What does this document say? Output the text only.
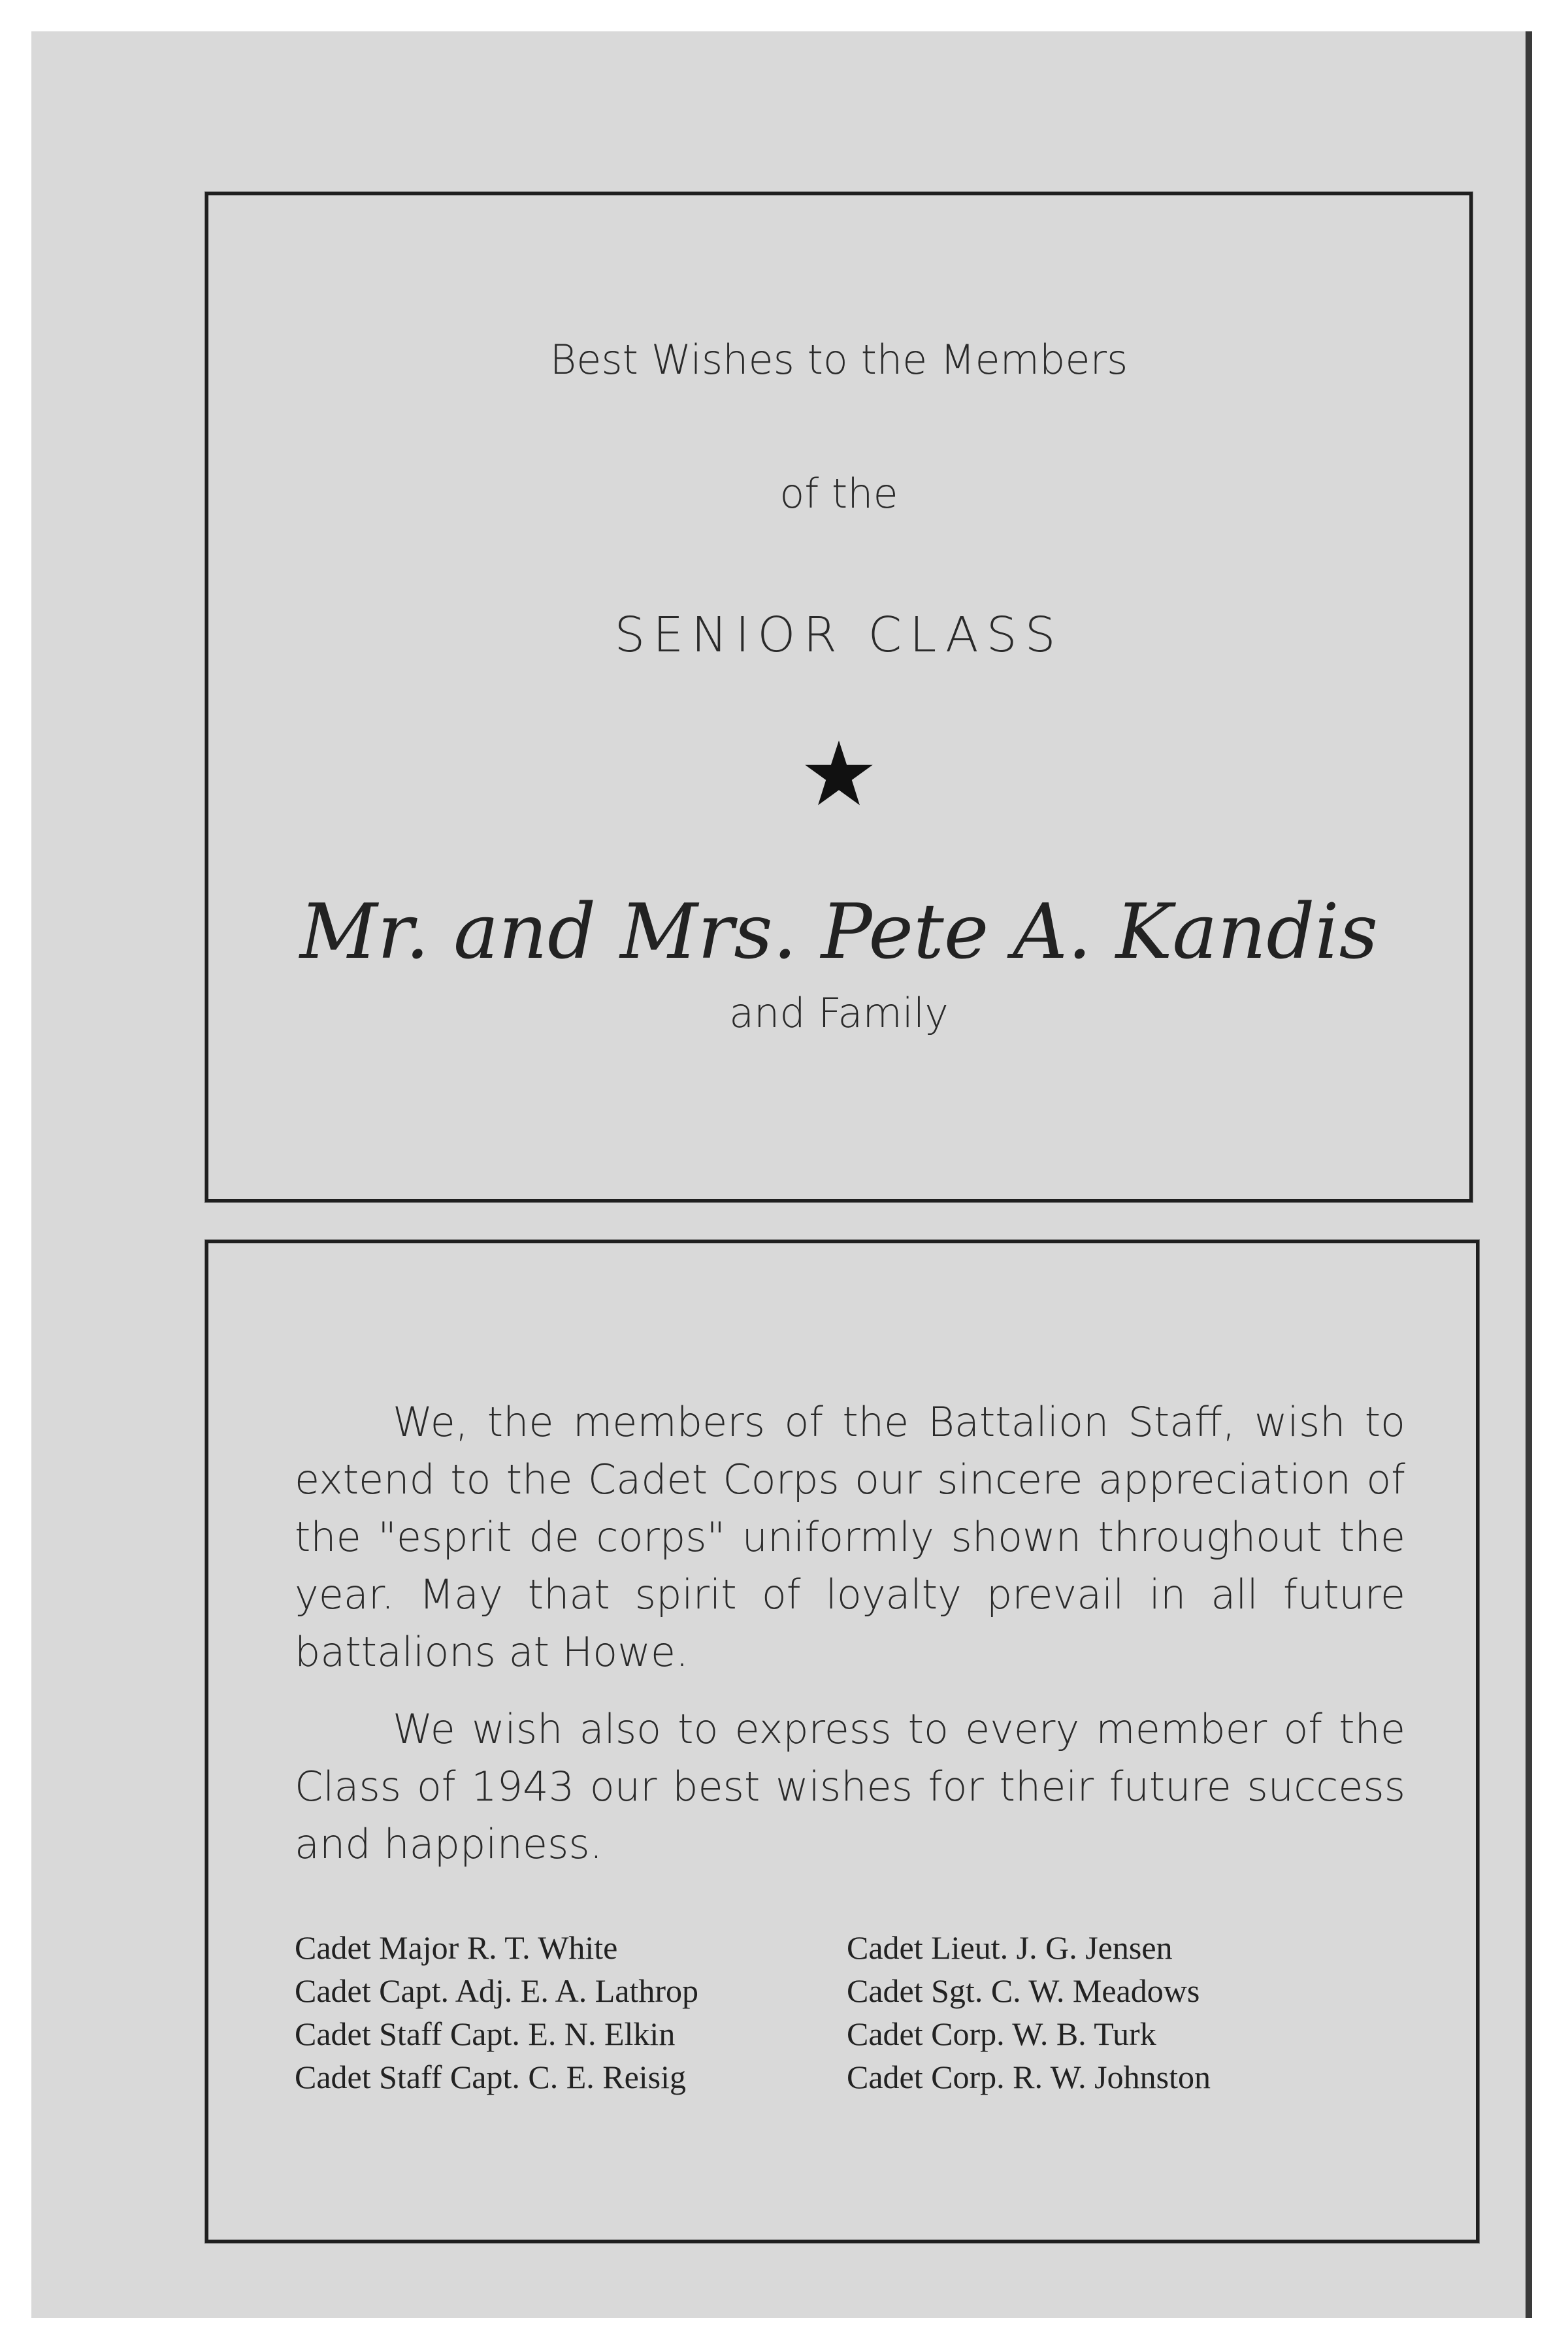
Best Wishes to the Members
of the
SENIOR CLASS
Mr. and Mrs. Pete A. Kandis
and Family

We, the members of the Battalion Staff, wish to extend to the Cadet Corps our sincere appreciation of the "esprit de corps" uniformly shown throughout the year. May that spirit of loyalty prevail in all future battalions at Howe.

We wish also to express to every member of the Class of 1943 our best wishes for their future success and happiness.

Cadet Major R. T. White
Cadet Capt. Adj. E. A. Lathrop
Cadet Staff Capt. E. N. Elkin
Cadet Staff Capt. C. E. Reisig
Cadet Lieut. J. G. Jensen
Cadet Sgt. C. W. Meadows
Cadet Corp. W. B. Turk
Cadet Corp. R. W. Johnston
